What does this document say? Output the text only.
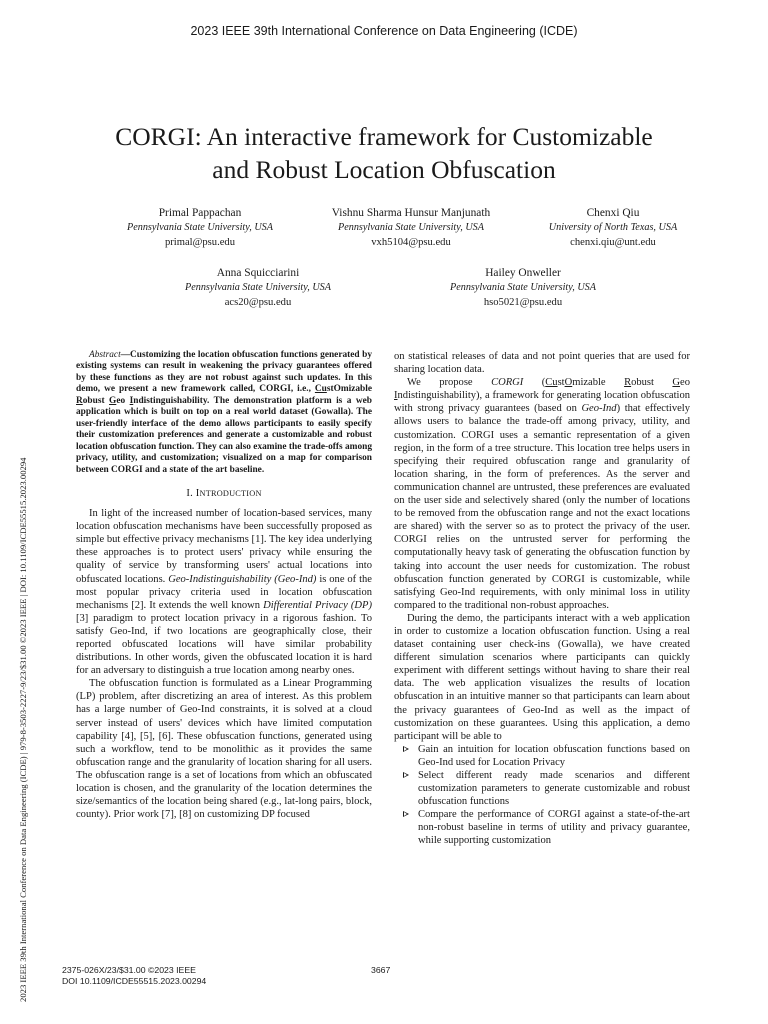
2023 IEEE 39th International Conference on Data Engineering (ICDE)
2023 IEEE 39th International Conference on Data Engineering (ICDE) | 979-8-3503-2227-9/23/$31.00 ©2023 IEEE | DOI: 10.1109/ICDE55515.2023.00294
CORGI: An interactive framework for Customizable
and Robust Location Obfuscation
Primal Pappachan
Pennsylvania State University, USA
primal@psu.edu
Vishnu Sharma Hunsur Manjunath
Pennsylvania State University, USA
vxh5104@psu.edu
Chenxi Qiu
University of North Texas, USA
chenxi.qiu@unt.edu
Anna Squicciarini
Pennsylvania State University, USA
acs20@psu.edu
Hailey Onweller
Pennsylvania State University, USA
hso5021@psu.edu

Abstract—Customizing the location obfuscation functions generated by existing systems can result in weakening the privacy guarantees offered by these functions as they are not robust against such updates. In this demo, we present a new framework called, CORGI, i.e., CustOmizable Robust Geo Indistinguishability. The demonstration platform is a web application which is built on top on a real world dataset (Gowalla). The user-friendly interface of the demo allows participants to easily specify their customization preferences and generate a customizable and robust location obfuscation function. They can also examine the trade-offs among privacy, utility, and customization; visualized on a map for comparison between CORGI and a state of the art baseline.

I. INTRODUCTION

In light of the increased number of location-based services, many location obfuscation mechanisms have been successfully proposed as simple but effective privacy mechanisms [1]. The key idea underlying these approaches is to protect users' privacy while ensuring the quality of service by transforming users' actual locations into obfuscated locations. Geo-Indistinguishability (Geo-Ind) is one of the most popular privacy criteria used in location obfuscation mechanisms [2]. It extends the well known Differential Privacy (DP) [3] paradigm to protect location privacy in a rigorous fashion. To satisfy Geo-Ind, if two locations are geographically close, their reported obfuscated locations will have similar probability distributions. In other words, given the obfuscated location it is hard for an adversary to distinguish a true location among nearby ones.

The obfuscation function is formulated as a Linear Programming (LP) problem, after discretizing an area of interest. As this problem has a large number of Geo-Ind constraints, it is solved at a cloud server instead of users' devices which have limited computation capability [4], [5], [6]. These obfuscation functions, generated using such a workflow, tend to be monolithic as it provides the same obfuscation range and the granularity of location sharing for all users. The obfuscation range is a set of locations from which an obfuscated location is chosen, and the granularity of the location determines the size/semantics of the location being shared (e.g., lat-long pairs, block, county). Prior work [7], [8] on customizing DP focused

on statistical releases of data and not point queries that are used for sharing location data.

We propose CORGI (CustOmizable Robust Geo Indistinguishability), a framework for generating location obfuscation with strong privacy guarantees (based on Geo-Ind) that effectively allows users to balance the trade-off among privacy, utility, and customization. CORGI uses a semantic representation of a given region, in the form of a tree structure. This location tree helps users in specifying their required obfuscation range and granularity of location sharing, in the form of preferences. As the server and communication channel are untrusted, these preferences are evaluated on the user side and selectively shared (only the number of locations to be removed from the obfuscation range and not the exact locations are shared) with the server so as to protect the privacy of the user. CORGI relies on the untrusted server for performing the computationally heavy task of generating the obfuscation function by taking into account the user needs for customization. The robust obfuscation function generated by CORGI is customizable, while satisfying Geo-Ind requirements, with only minimal loss in utility compared to the traditional non-robust approaches.

During the demo, the participants interact with a web application in order to customize a location obfuscation function. Using a real dataset containing user check-ins (Gowalla), we have created different simulation scenarios where participants can quickly experiment with different settings without having to share their real data. The web application visualizes the results of location obfuscation in an intuitive manner so that participants can learn about the privacy guarantees of Geo-Ind as well as the impact of customization on these guarantees. Using this application, a demo participant will be able to

Gain an intuition for location obfuscation functions based on Geo-Ind used for Location Privacy
Select different ready made scenarios and different customization parameters to generate customizable and robust obfuscation functions
Compare the performance of CORGI against a state-of-the-art non-robust baseline in terms of utility and privacy guarantee, while supporting customization
2375-026X/23/$31.00 ©2023 IEEE
DOI 10.1109/ICDE55515.2023.00294
3667
